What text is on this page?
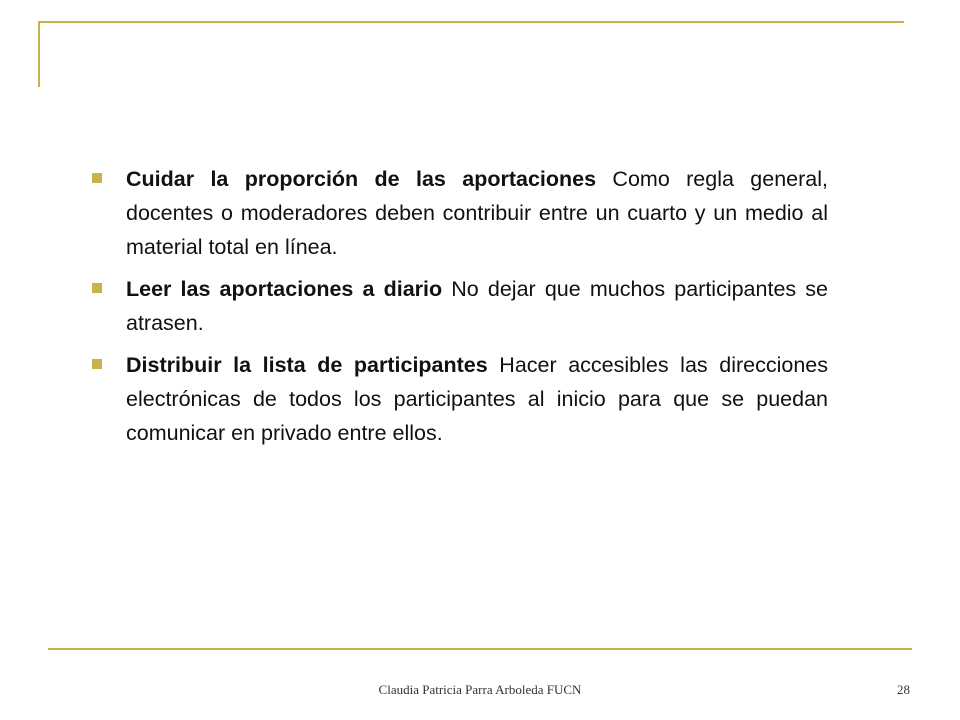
Cuidar la proporción de las aportaciones Como regla general, docentes o moderadores deben contribuir entre un cuarto y un medio al material total en línea.
Leer las aportaciones a diario No dejar que muchos participantes se atrasen.
Distribuir la lista de participantes Hacer accesibles las direcciones electrónicas de todos los participantes al inicio para que se puedan comunicar en privado entre ellos.
Claudia Patricia Parra Arboleda FUCN	28
